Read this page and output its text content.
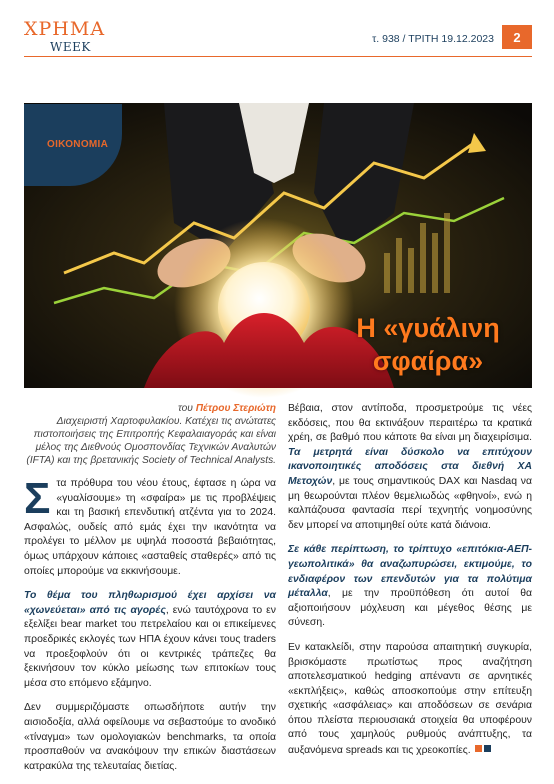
ΧΡΗΜΑ
WEEK
τ. 938 / ΤΡΙΤΗ 19.12.2023	2
ΟΙΚΟΝΟΜΙΑ
Η «γυάλινη
σφαίρα»
του Πέτρου Στεριώτη
Διαχειριστή Χαρτοφυλακίου. Κατέχει τις ανώτατες πιστοποιήσεις της Επιτροπής Κεφαλαιαγοράς και είναι μέλος της Διεθνούς Ομοσπονδίας Τεχνικών Αναλυτών (IFTA) και της βρετανικής Society of Technical Analysts.

Στα πρόθυρα του νέου έτους, έφτασε η ώρα να «γυαλίσουμε» τη «σφαίρα» με τις προβλέψεις και τη βασική επενδυτική ατζέντα για το 2024. Ασφαλώς, ουδείς από εμάς έχει την ικανότητα να προλέγει το μέλλον με υψηλά ποσοστά βεβαιότητας, όμως υπάρχουν κάποιες «ασταθείς σταθερές» από τις οποίες μπορούμε να εκκινήσουμε.

Το θέμα του πληθωρισμού έχει αρχίσει να «χωνεύεται» από τις αγορές, ενώ ταυτόχρονα το εν εξελίξει bear market του πετρελαίου και οι επικείμενες προεδρικές εκλογές των ΗΠΑ έχουν κάνει τους traders να προεξοφλούν ότι οι κεντρικές τράπεζες θα ξεκινήσουν τον κύκλο μείωσης των επιτοκίων τους μέσα στο επόμενο εξάμηνο.

Δεν συμμεριζόμαστε οπωσδήποτε αυτήν την αισιοδοξία, αλλά οφείλουμε να σεβαστούμε το ανοδικό «τίναγμα» των ομολογιακών benchmarks, τα οποία προσπαθούν να ανακόψουν την επικών διαστάσεων κατρακύλα της τελευταίας διετίας.

Βέβαια, στον αντίποδα, προσμετρούμε τις νέες εκδόσεις, που θα εκτινάξουν περαιτέρω τα κρατικά χρέη, σε βαθμό που κάποτε θα είναι μη διαχειρίσιμα. Τα μετρητά είναι δύσκολο να επιτύχουν ικανοποιητικές αποδόσεις στα διεθνή ΧΑ Μετοχών, με τους σημαντικούς DAX και Nasdaq να μη θεωρούνται πλέον θεμελιωδώς «φθηνοί», ενώ η καλπάζουσα φαντασία περί τεχνητής νοημοσύνης δεν μπορεί να αποτιμηθεί ούτε κατά διάνοια.

Σε κάθε περίπτωση, το τρίπτυχο «επιτόκια-ΑΕΠ-γεωπολιτικά» θα αναζωπυρώσει, εκτιμούμε, το ενδιαφέρον των επενδυτών για τα πολύτιμα μέταλλα, με την προϋπόθεση ότι αυτοί θα αξιοποιήσουν μόχλευση και μέγεθος θέσης με σύνεση.

Εν κατακλείδι, στην παρούσα απαιτητική συγκυρία, βρισκόμαστε πρωτίστως προς αναζήτηση αποτελεσματικού hedging απέναντι σε αρνητικές «εκπλήξεις», καθώς αποσκοπούμε στην επίτευξη σχετικής «ασφάλειας» και αποδόσεων σε σενάρια όπου πλείστα περιουσιακά στοιχεία θα υποφέρουν από τους χαμηλούς ρυθμούς ανάπτυξης, τα αυξανόμενα spreads και τις χρεοκοπίες.
